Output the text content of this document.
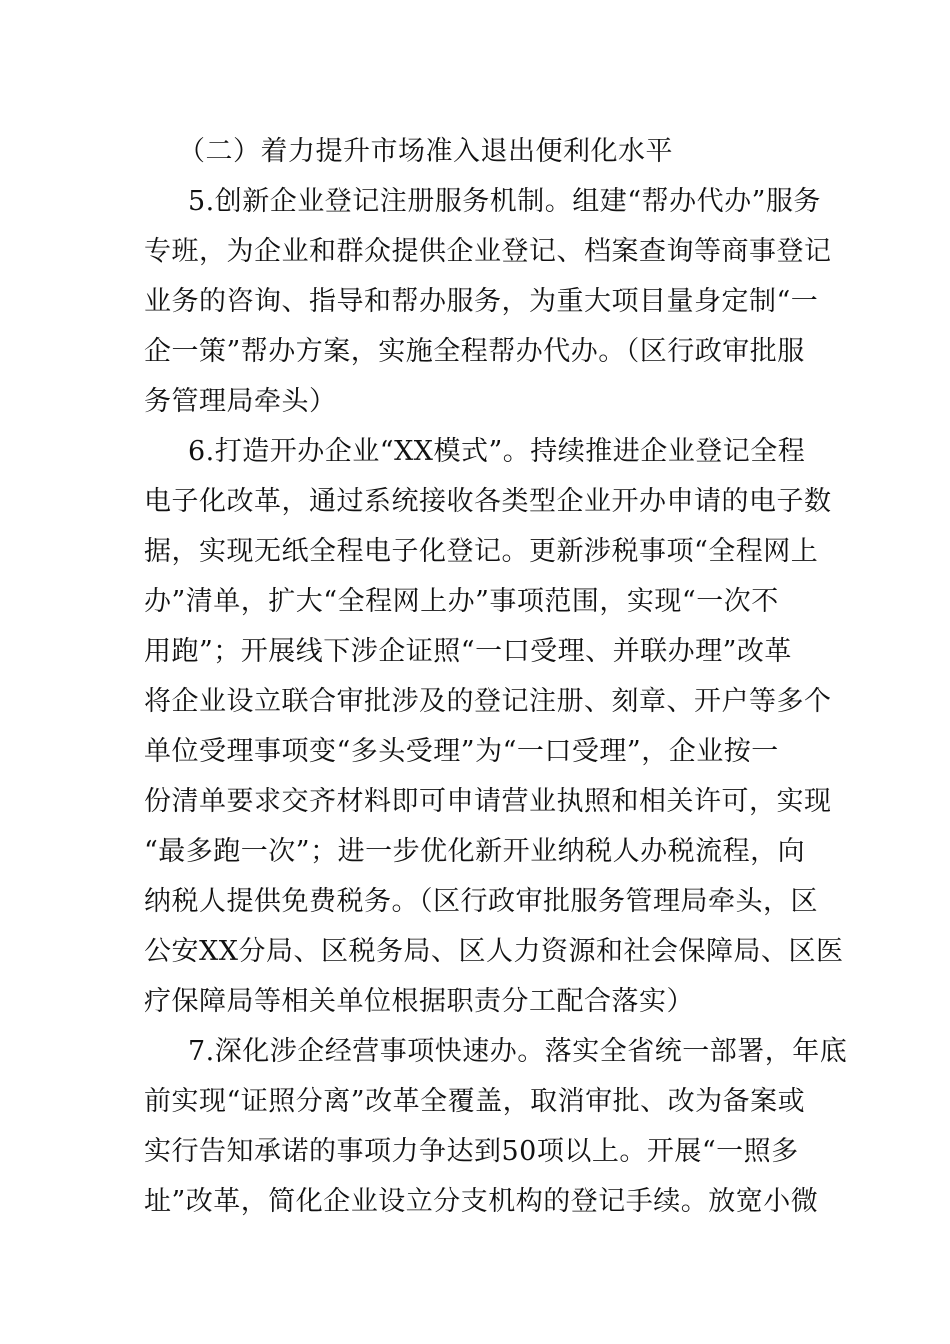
（二）着力提升市场准入退出便利化水平
5.创新企业登记注册服务机制。组建“帮办代办”服务
专班，为企业和群众提供企业登记、档案查询等商事登记
业务的咨询、指导和帮办服务，为重大项目量身定制“一
企一策”帮办方案，实施全程帮办代办。（区行政审批服
务管理局牵头）
6.打造开办企业“XX模式”。持续推进企业登记全程
电子化改革，通过系统接收各类型企业开办申请的电子数
据，实现无纸全程电子化登记。更新涉税事项“全程网上
办”清单，扩大“全程网上办”事项范围，实现“一次不
用跑”；开展线下涉企证照“一口受理、并联办理”改革
将企业设立联合审批涉及的登记注册、刻章、开户等多个
单位受理事项变“多头受理”为“一口受理”，企业按一
份清单要求交齐材料即可申请营业执照和相关许可，实现
“最多跑一次”；进一步优化新开业纳税人办税流程，向
纳税人提供免费税务。（区行政审批服务管理局牵头，区
公安XX分局、区税务局、区人力资源和社会保障局、区医
疗保障局等相关单位根据职责分工配合落实）
7.深化涉企经营事项快速办。落实全省统一部署，年底
前实现“证照分离”改革全覆盖，取消审批、改为备案或
实行告知承诺的事项力争达到50项以上。开展“一照多
址”改革，简化企业设立分支机构的登记手续。放宽小微
